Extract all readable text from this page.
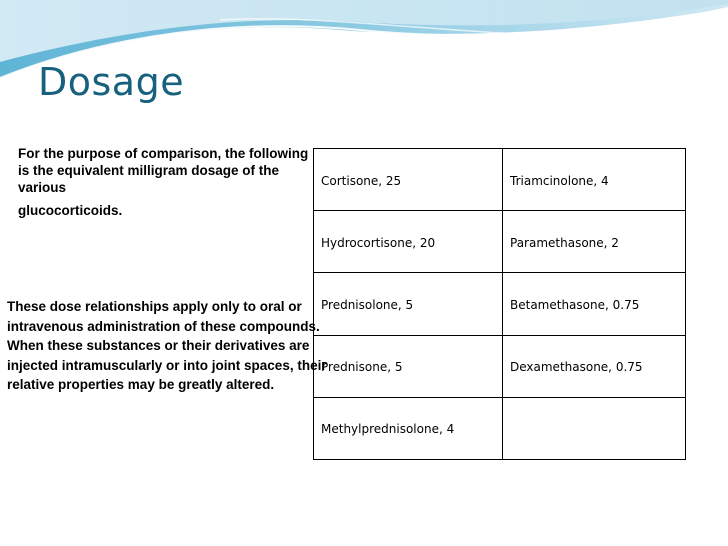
Dosage
For the purpose of comparison, the following is the equivalent milligram dosage of the various
glucocorticoids.
These dose relationships apply only to oral or intravenous administration of these compounds. When these substances or their derivatives are injected intramuscularly or into joint spaces, their relative properties may be greatly altered.
Cortisone, 25	Triamcinolone, 4
Hydrocortisone, 20	Paramethasone, 2
Prednisolone, 5	Betamethasone, 0.75
Prednisone, 5	Dexamethasone, 0.75
Methylprednisolone, 4	
